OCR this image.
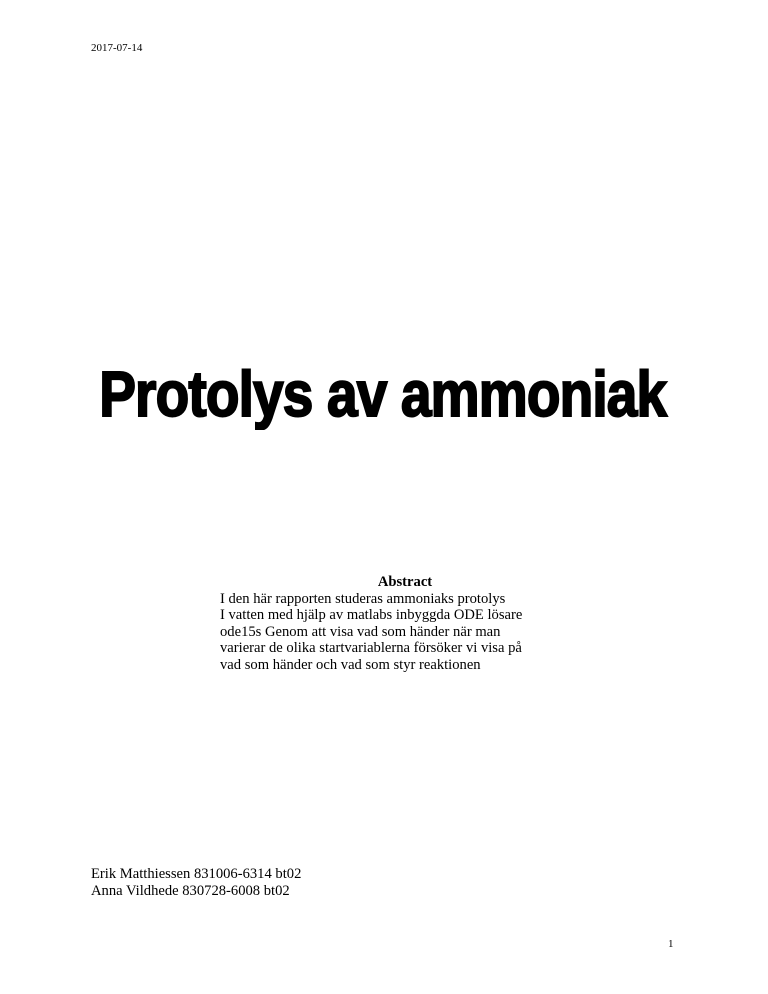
2017-07-14
Protolys av ammoniak

Abstract

I den här rapporten studeras ammoniaks protolys

I vatten med hjälp av matlabs inbyggda ODE lösare

ode15s Genom att visa vad som händer när man

varierar de olika startvariablerna försöker vi visa på

vad som händer och vad som styr reaktionen

Erik Matthiessen 831006-6314 bt02

Anna Vildhede 830728-6008 bt02

1
